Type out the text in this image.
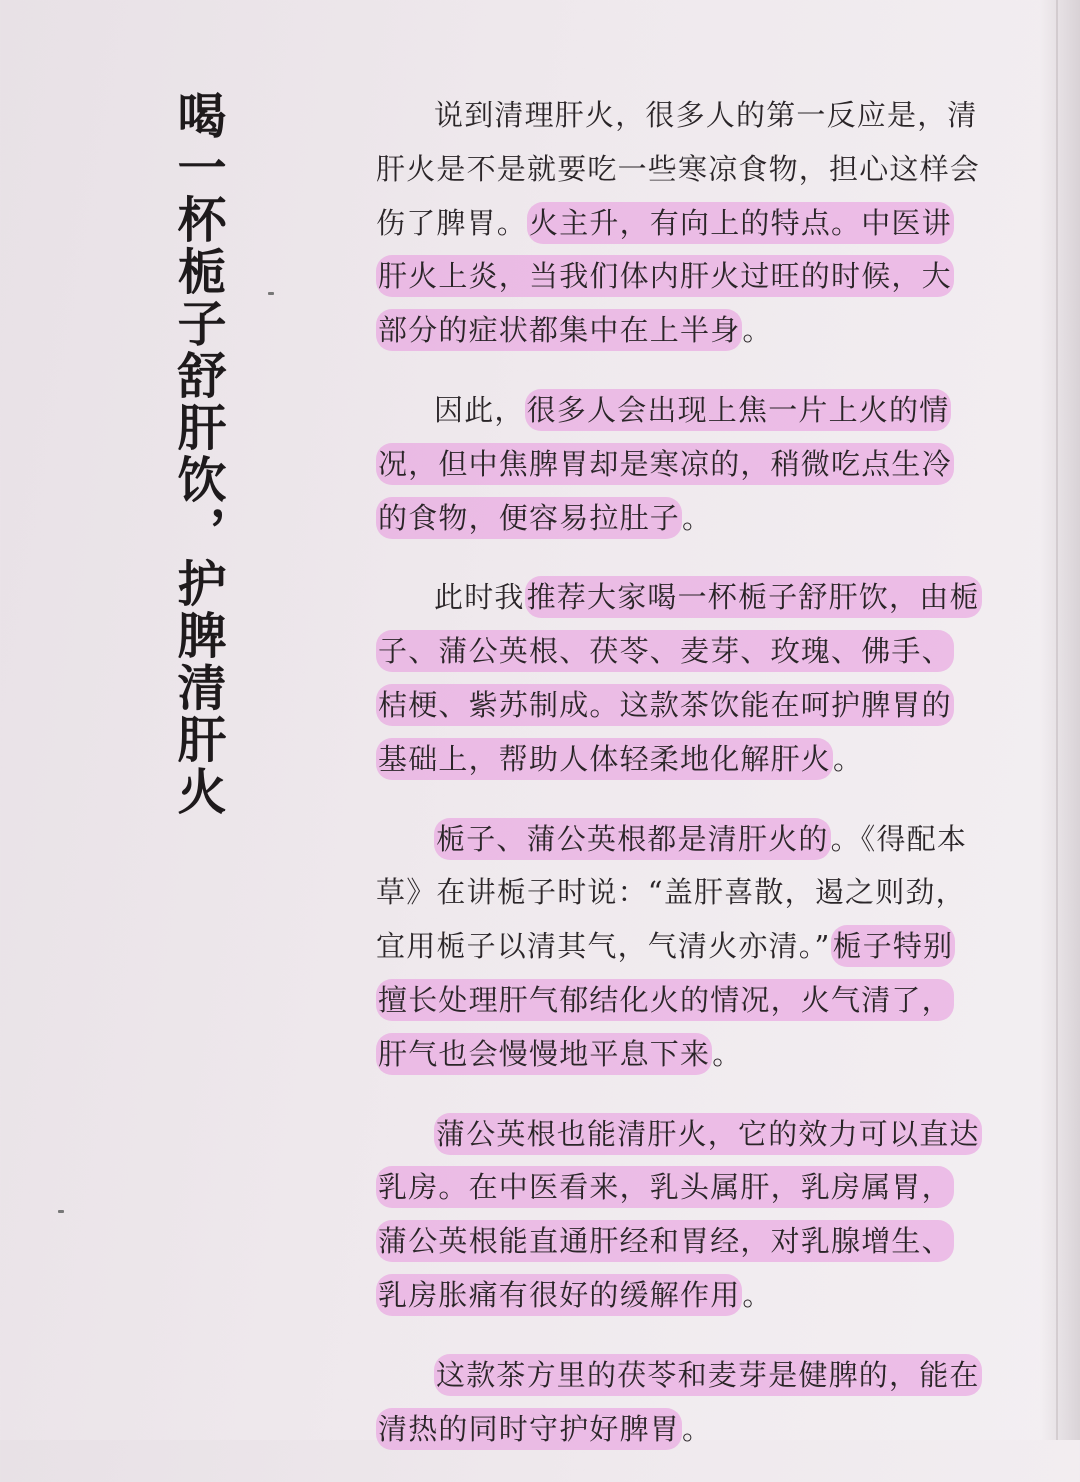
喝一杯栀子舒肝饮，护脾清肝火	说到清理肝火，很多人的第一反应是，清肝火是不是就要吃一些寒凉食物，担心这样会伤了脾胃。火主升，有向上的特点。中医讲肝火上炎，当我们体内肝火过旺的时候，大部分的症状都集中在上半身。

因此，很多人会出现上焦一片上火的情况，但中焦脾胃却是寒凉的，稍微吃点生冷的食物，便容易拉肚子。

此时我推荐大家喝一杯栀子舒肝饮，由栀子、蒲公英根、茯苓、麦芽、玫瑰、佛手、桔梗、紫苏制成。这款茶饮能在呵护脾胃的基础上，帮助人体轻柔地化解肝火。

栀子、蒲公英根都是清肝火的。《得配本草》在讲栀子时说：“盖肝喜散，遏之则劲，宜用栀子以清其气，气清火亦清。”栀子特别擅长处理肝气郁结化火的情况，火气清了，肝气也会慢慢地平息下来。

蒲公英根也能清肝火，它的效力可以直达乳房。在中医看来，乳头属肝，乳房属胃，蒲公英根能直通肝经和胃经，对乳腺增生、乳房胀痛有很好的缓解作用。

这款茶方里的茯苓和麦芽是健脾的，能在清热的同时守护好脾胃。
